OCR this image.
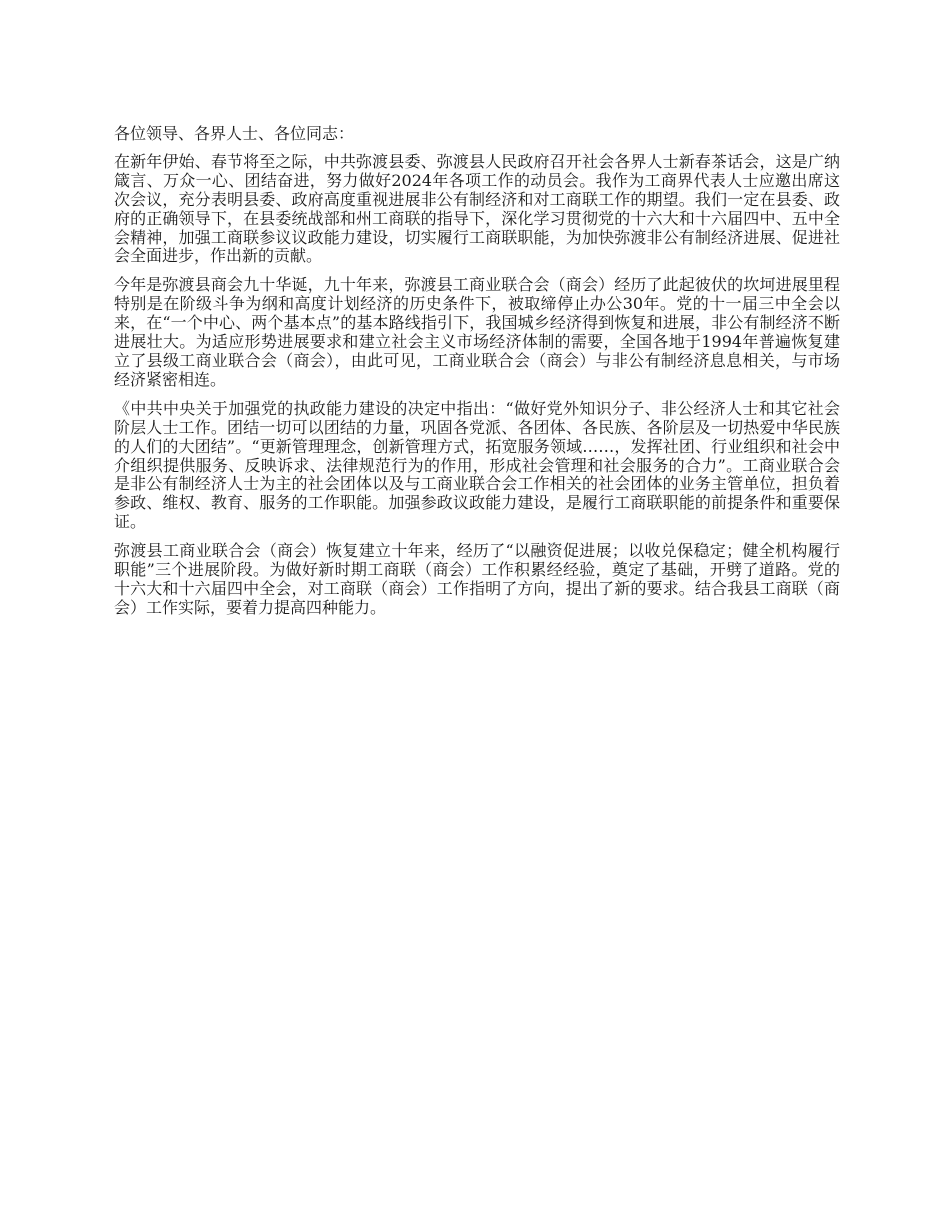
各位领导、各界人士、各位同志：

在新年伊始、春节将至之际，中共弥渡县委、弥渡县人民政府召开社会各界人士新春茶话会，这是广纳箴言、万众一心、团结奋进，努力做好2024年各项工作的动员会。我作为工商界代表人士应邀出席这次会议，充分表明县委、政府高度重视进展非公有制经济和对工商联工作的期望。我们一定在县委、政府的正确领导下，在县委统战部和州工商联的指导下，深化学习贯彻党的十六大和十六届四中、五中全会精神，加强工商联参议议政能力建设，切实履行工商联职能，为加快弥渡非公有制经济进展、促进社会全面进步，作出新的贡献。

今年是弥渡县商会九十华诞，九十年来，弥渡县工商业联合会（商会）经历了此起彼伏的坎坷进展里程特别是在阶级斗争为纲和高度计划经济的历史条件下，被取缔停止办公30年。党的十一届三中全会以来，在“一个中心、两个基本点”的基本路线指引下，我国城乡经济得到恢复和进展，非公有制经济不断进展壮大。为适应形势进展要求和建立社会主义市场经济体制的需要，全国各地于1994年普遍恢复建立了县级工商业联合会（商会），由此可见，工商业联合会（商会）与非公有制经济息息相关，与市场经济紧密相连。

《中共中央关于加强党的执政能力建设的决定中指出：“做好党外知识分子、非公经济人士和其它社会阶层人士工作。团结一切可以团结的力量，巩固各党派、各团体、各民族、各阶层及一切热爱中华民族的人们的大团结”。“更新管理理念，创新管理方式，拓宽服务领域……，发挥社团、行业组织和社会中介组织提供服务、反映诉求、法律规范行为的作用，形成社会管理和社会服务的合力”。工商业联合会是非公有制经济人士为主的社会团体以及与工商业联合会工作相关的社会团体的业务主管单位，担负着参政、维权、教育、服务的工作职能。加强参政议政能力建设，是履行工商联职能的前提条件和重要保证。

弥渡县工商业联合会（商会）恢复建立十年来，经历了“以融资促进展；以收兑保稳定；健全机构履行职能”三个进展阶段。为做好新时期工商联（商会）工作积累经经验，奠定了基础，开劈了道路。党的十六大和十六届四中全会，对工商联（商会）工作指明了方向，提出了新的要求。结合我县工商联（商会）工作实际，要着力提高四种能力。
